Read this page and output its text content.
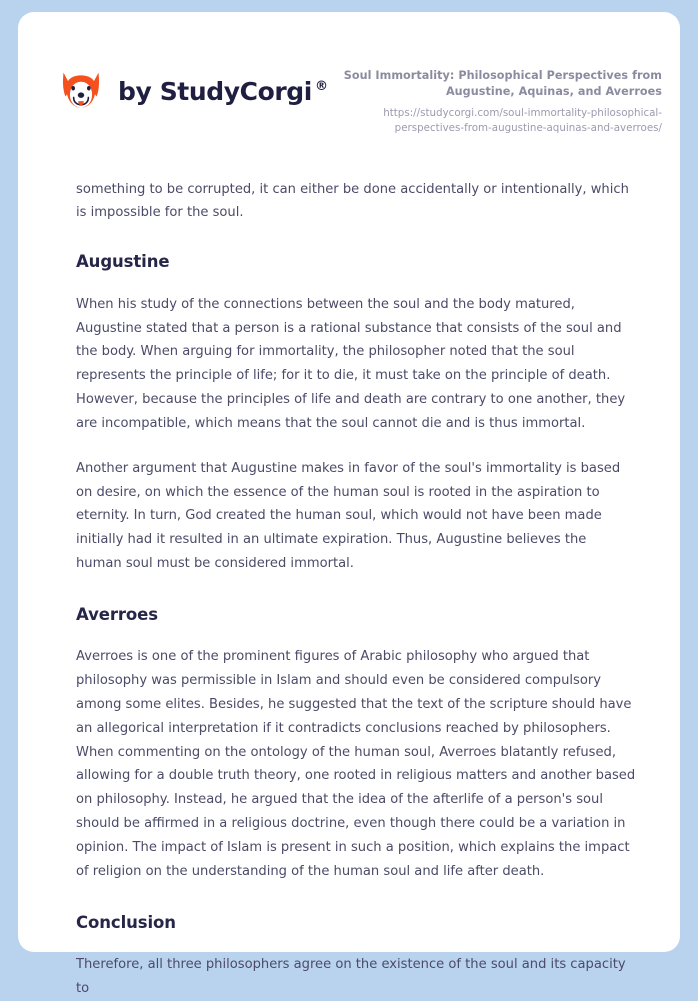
by StudyCorgi ®
Soul Immortality: Philosophical Perspectives from Augustine, Aquinas, and Averroes
https://studycorgi.com/soul-immortality-philosophical-perspectives-from-augustine-aquinas-and-averroes/

something to be corrupted, it can either be done accidentally or intentionally, which is impossible for the soul.

Augustine

When his study of the connections between the soul and the body matured, Augustine stated that a person is a rational substance that consists of the soul and the body. When arguing for immortality, the philosopher noted that the soul represents the principle of life; for it to die, it must take on the principle of death. However, because the principles of life and death are contrary to one another, they are incompatible, which means that the soul cannot die and is thus immortal.

Another argument that Augustine makes in favor of the soul's immortality is based on desire, on which the essence of the human soul is rooted in the aspiration to eternity. In turn, God created the human soul, which would not have been made initially had it resulted in an ultimate expiration. Thus, Augustine believes the human soul must be considered immortal.

Averroes

Averroes is one of the prominent figures of Arabic philosophy who argued that philosophy was permissible in Islam and should even be considered compulsory among some elites. Besides, he suggested that the text of the scripture should have an allegorical interpretation if it contradicts conclusions reached by philosophers. When commenting on the ontology of the human soul, Averroes blatantly refused, allowing for a double truth theory, one rooted in religious matters and another based on philosophy. Instead, he argued that the idea of the afterlife of a person's soul should be affirmed in a religious doctrine, even though there could be a variation in opinion. The impact of Islam is present in such a position, which explains the impact of religion on the understanding of the human soul and life after death.

Conclusion

Therefore, all three philosophers agree on the existence of the soul and its capacity to
